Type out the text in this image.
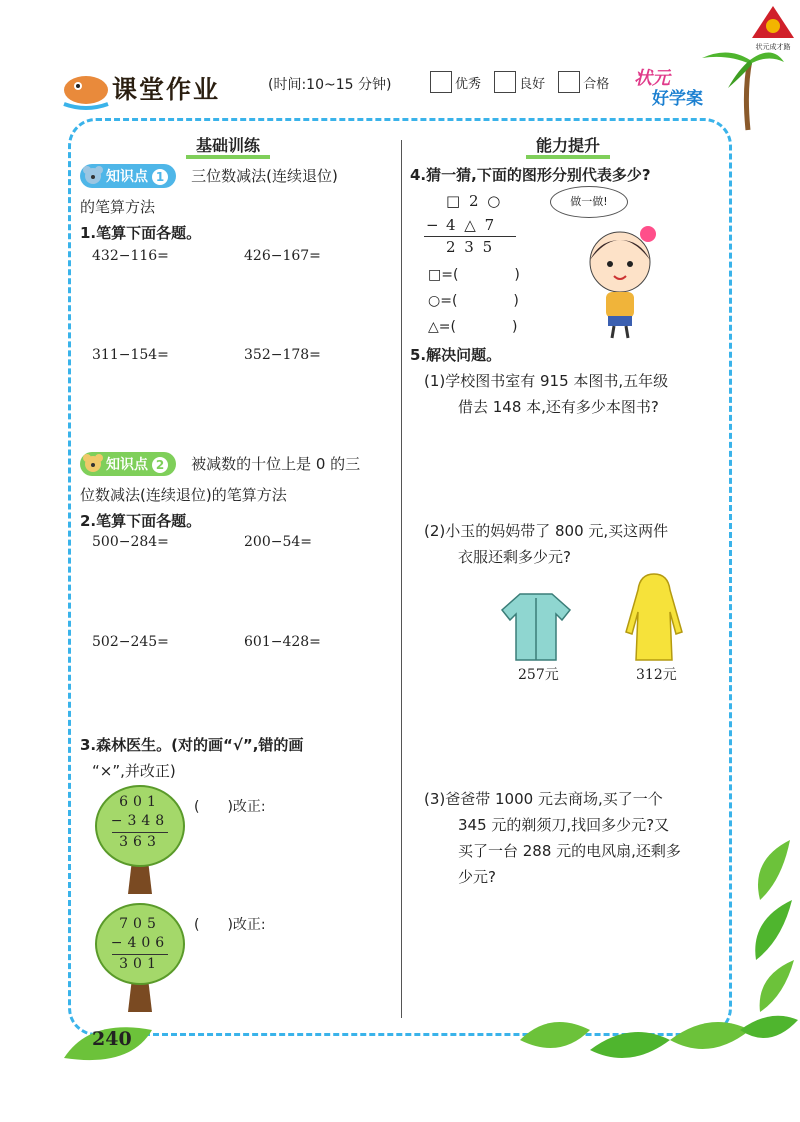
状元成才路
课堂作业	(时间:10~15 分钟)	优秀	良好	合格	状元
好学案
基础训练
知识点 1 三位数减法(连续退位)
的笔算方法
1.笔算下面各题。
432−116=	426−167=
311−154=	352−178=
知识点 2 被减数的十位上是 0 的三
位数减法(连续退位)的笔算方法
2.笔算下面各题。
500−284=	200−54=
502−245=	601−428=
3.森林医生。(对的画“√”,错的画
“×”,并改正)
601
−348
363
(　　)改正:
705
−406
301
(　　)改正:
240
能力提升
4.猜一猜,下面的图形分别代表多少?
□ 2 ○
− 4 △ 7
2 3 5
□=(　　　　)
○=(　　　　)
△=(　　　　)
做一做!
5.解决问题。
(1)学校图书室有 915 本图书,五年级
借去 148 本,还有多少本图书?
(2)小玉的妈妈带了 800 元,买这两件
衣服还剩多少元?
257元	312元
(3)爸爸带 1000 元去商场,买了一个
345 元的剃须刀,找回多少元?又
买了一台 288 元的电风扇,还剩多
少元?
